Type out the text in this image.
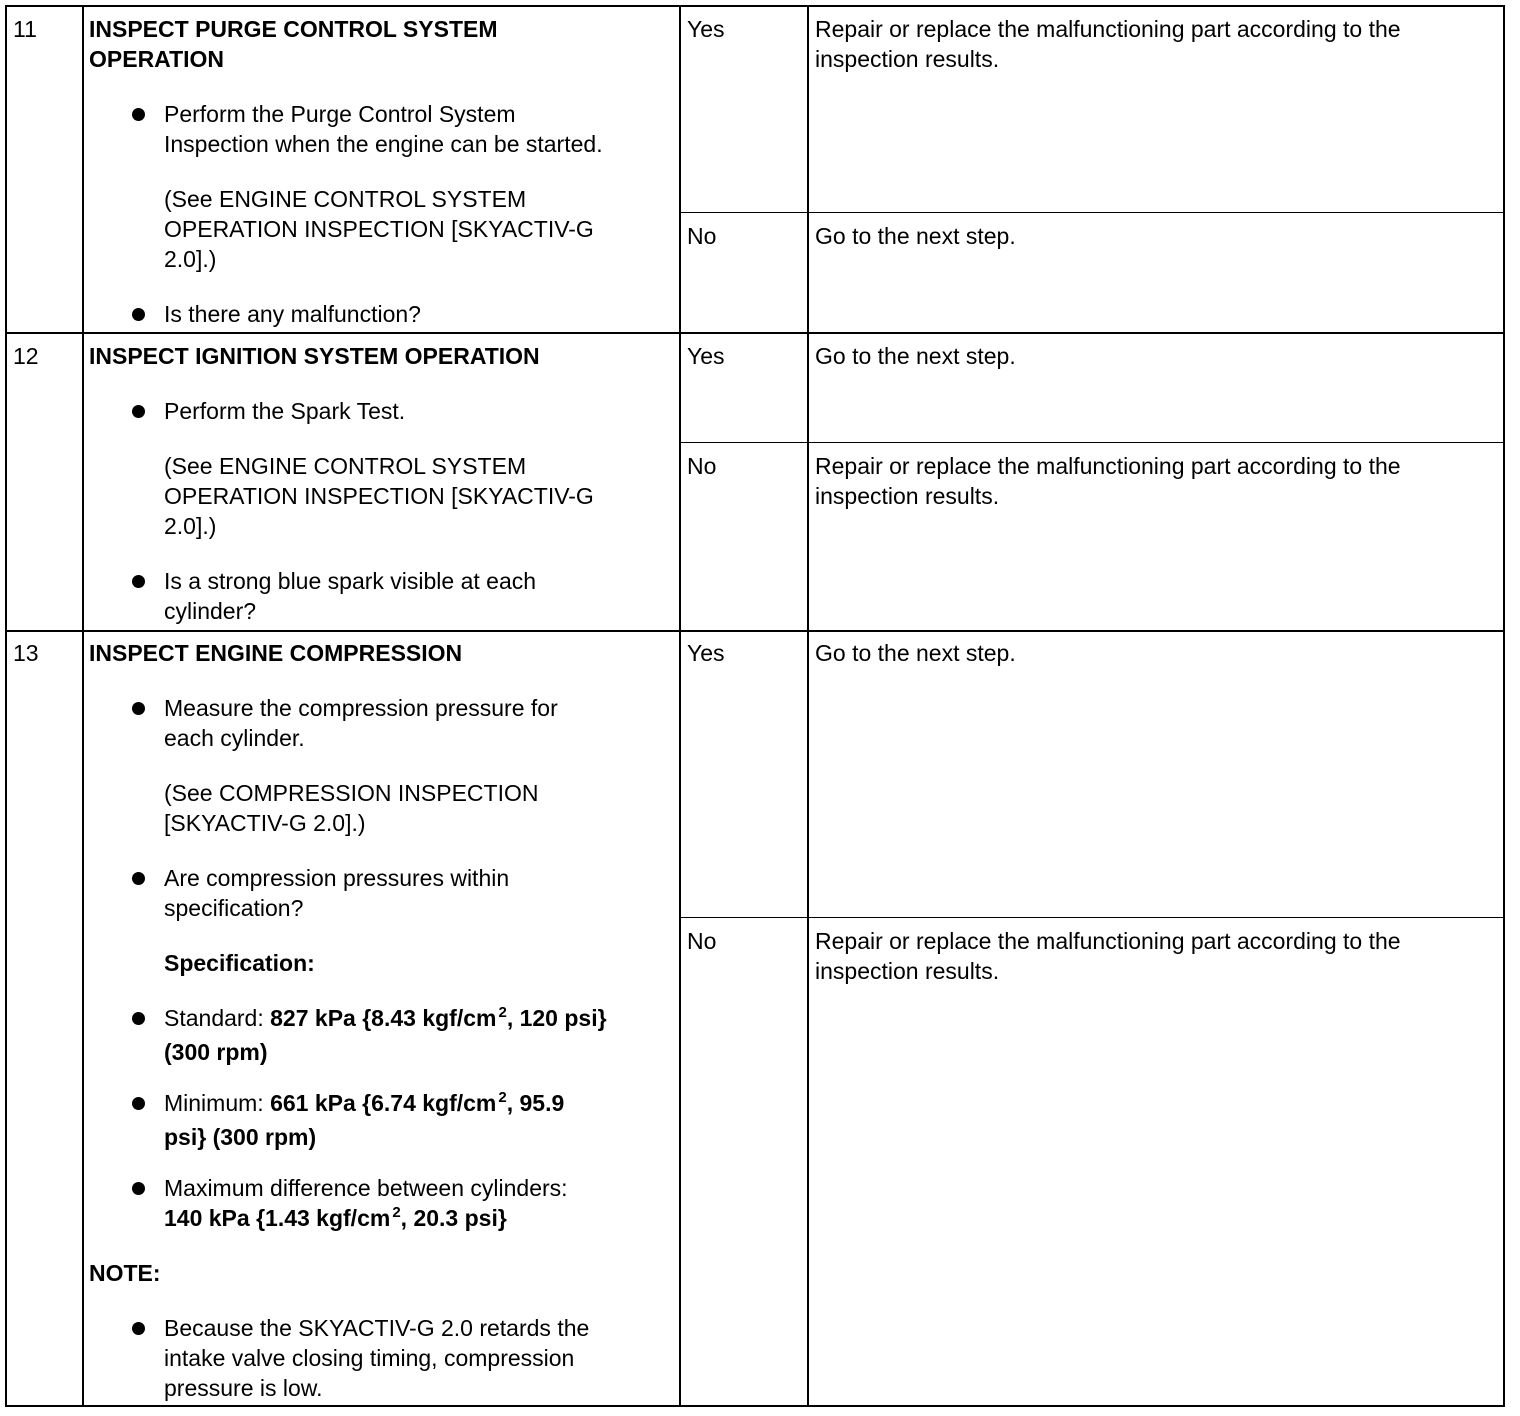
11 INSPECT PURGE CONTROL SYSTEM
OPERATION
Perform the Purge Control System
Inspection when the engine can be started.
(See ENGINE CONTROL SYSTEM
OPERATION INSPECTION [SKYACTIV-G
2.0].)
Is there any malfunction?
Yes	Repair or replace the malfunctioning part according to the
inspection results.
No	Go to the next step.
12 INSPECT IGNITION SYSTEM OPERATION
Perform the Spark Test.
(See ENGINE CONTROL SYSTEM
OPERATION INSPECTION [SKYACTIV-G
2.0].)
Is a strong blue spark visible at each
cylinder?
Yes	Go to the next step.
No	Repair or replace the malfunctioning part according to the
inspection results.
13 INSPECT ENGINE COMPRESSION
Measure the compression pressure for
each cylinder.
(See COMPRESSION INSPECTION
[SKYACTIV-G 2.0].)
Are compression pressures within
specification?
Specification:
Standard: 827 kPa {8.43 kgf/cm $^2$, 120 psi}
(300 rpm)
Minimum: 661 kPa {6.74 kgf/cm $^2$, 95.9
psi} (300 rpm)
Maximum difference between cylinders:
140 kPa {1.43 kgf/cm $^2$, 20.3 psi}
NOTE:
Because the SKYACTIV-G 2.0 retards the
intake valve closing timing, compression
pressure is low.
Yes	Go to the next step.
No	Repair or replace the malfunctioning part according to the
inspection results.
